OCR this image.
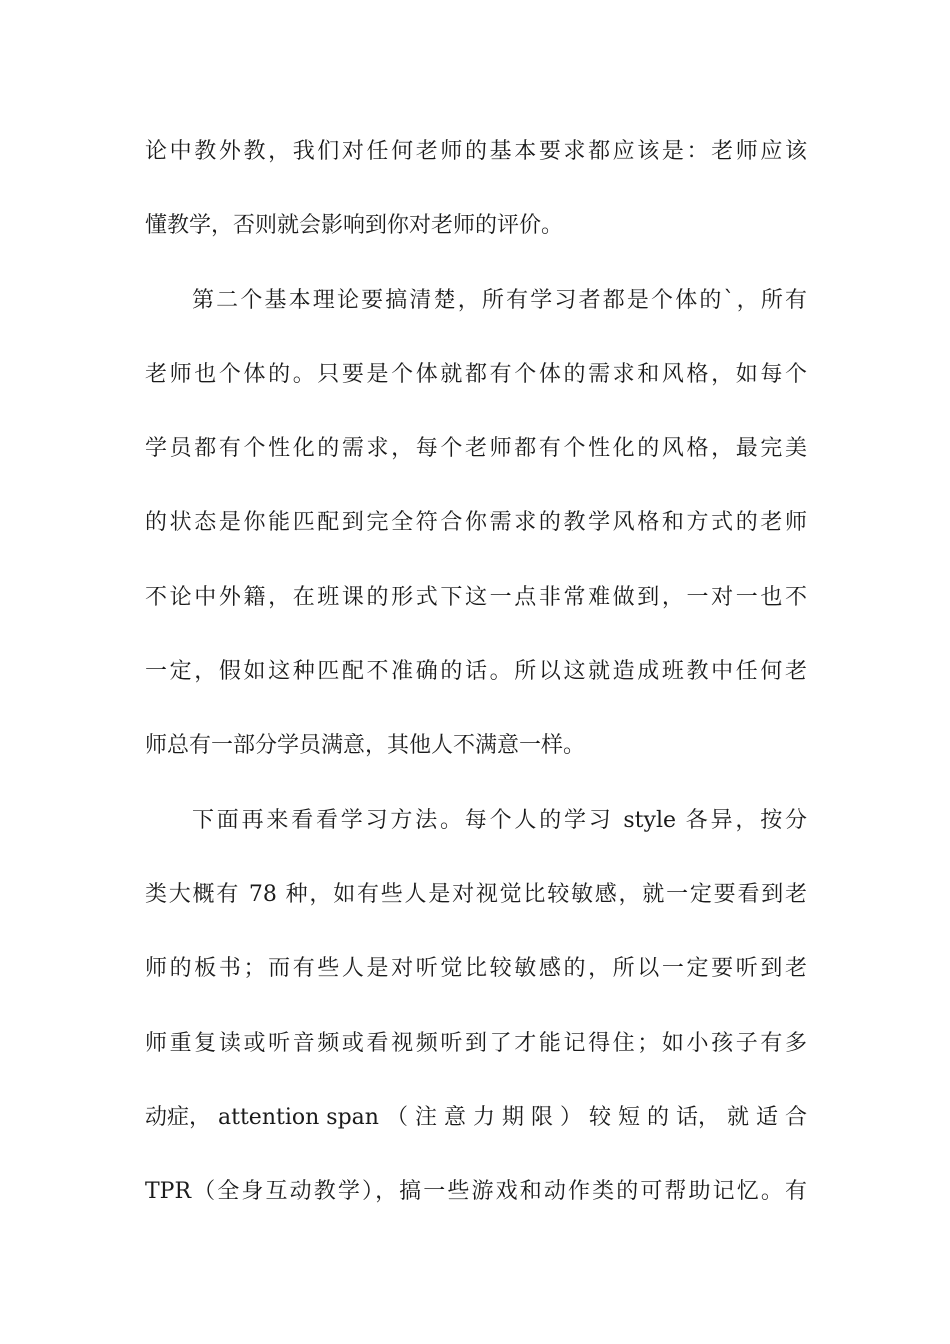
论中教外教，我们对任何老师的基本要求都应该是：老师应该
懂教学，否则就会影响到你对老师的评价。
第二个基本理论要搞清楚，所有学习者都是个体的`，所有
老师也个体的。只要是个体就都有个体的需求和风格，如每个
学员都有个性化的需求，每个老师都有个性化的风格，最完美
的状态是你能匹配到完全符合你需求的教学风格和方式的老师
不论中外籍，在班课的形式下这一点非常难做到，一对一也不
一定，假如这种匹配不准确的话。所以这就造成班教中任何老
师总有一部分学员满意，其他人不满意一样。
下面再来看看学习方法。每个人的学习 style 各异，按分
类大概有 78 种，如有些人是对视觉比较敏感，就一定要看到老
师的板书；而有些人是对听觉比较敏感的，所以一定要听到老
师重复读或听音频或看视频听到了才能记得住；如小孩子有多
动症， attention span （ 注 意 力 期 限 ） 较 短 的 话， 就 适 合
TPR（全身互动教学），搞一些游戏和动作类的可帮助记忆。有
